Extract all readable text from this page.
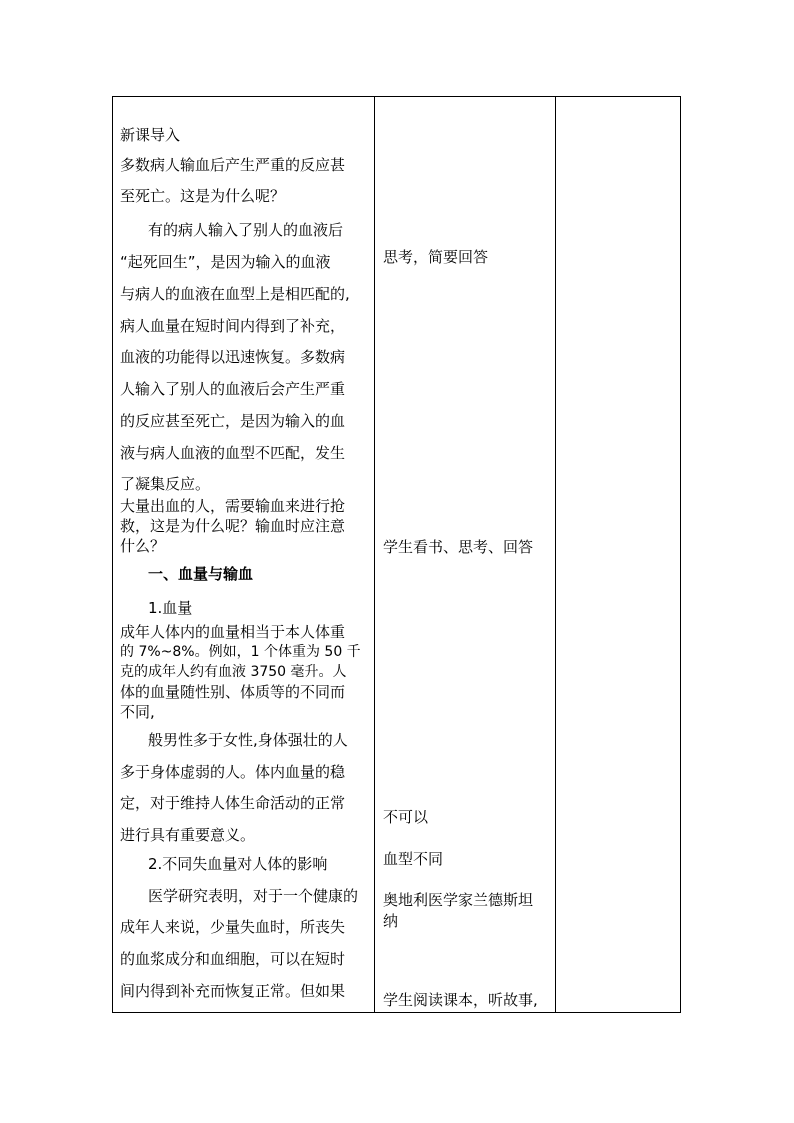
新课导入

多数病人输血后产生严重的反应甚

至死亡。这是为什么呢？

有的病人输入了别人的血液后

“起死回生”，是因为输入的血液

与病人的血液在血型上是相匹配的,

病人血量在短时间内得到了补充，

血液的功能得以迅速恢复。多数病

人输入了别人的血液后会产生严重

的反应甚至死亡，是因为输入的血

液与病人血液的血型不匹配，发生

了凝集反应。

大量出血的人，需要输血来进行抢

救，这是为什么呢？输血时应注意

什么？

一、血量与输血

1.血量

成年人体内的血量相当于本人体重

的 7%~8%。例如，1 个体重为 50 千

克的成年人约有血液 3750 毫升。人

体的血量随性别、体质等的不同而

不同,

般男性多于女性,身体强壮的人

多于身体虚弱的人。体内血量的稳

定，对于维持人体生命活动的正常

进行具有重要意义。

2.不同失血量对人体的影响

医学研究表明，对于一个健康的

成年人来说，少量失血时，所丧失

的血浆成分和血细胞，可以在短时

间内得到补充而恢复正常。但如果

思考，简要回答

学生看书、思考、回答

不可以

血型不同

奥地利医学家兰德斯坦

纳

学生阅读课本，听故事,
